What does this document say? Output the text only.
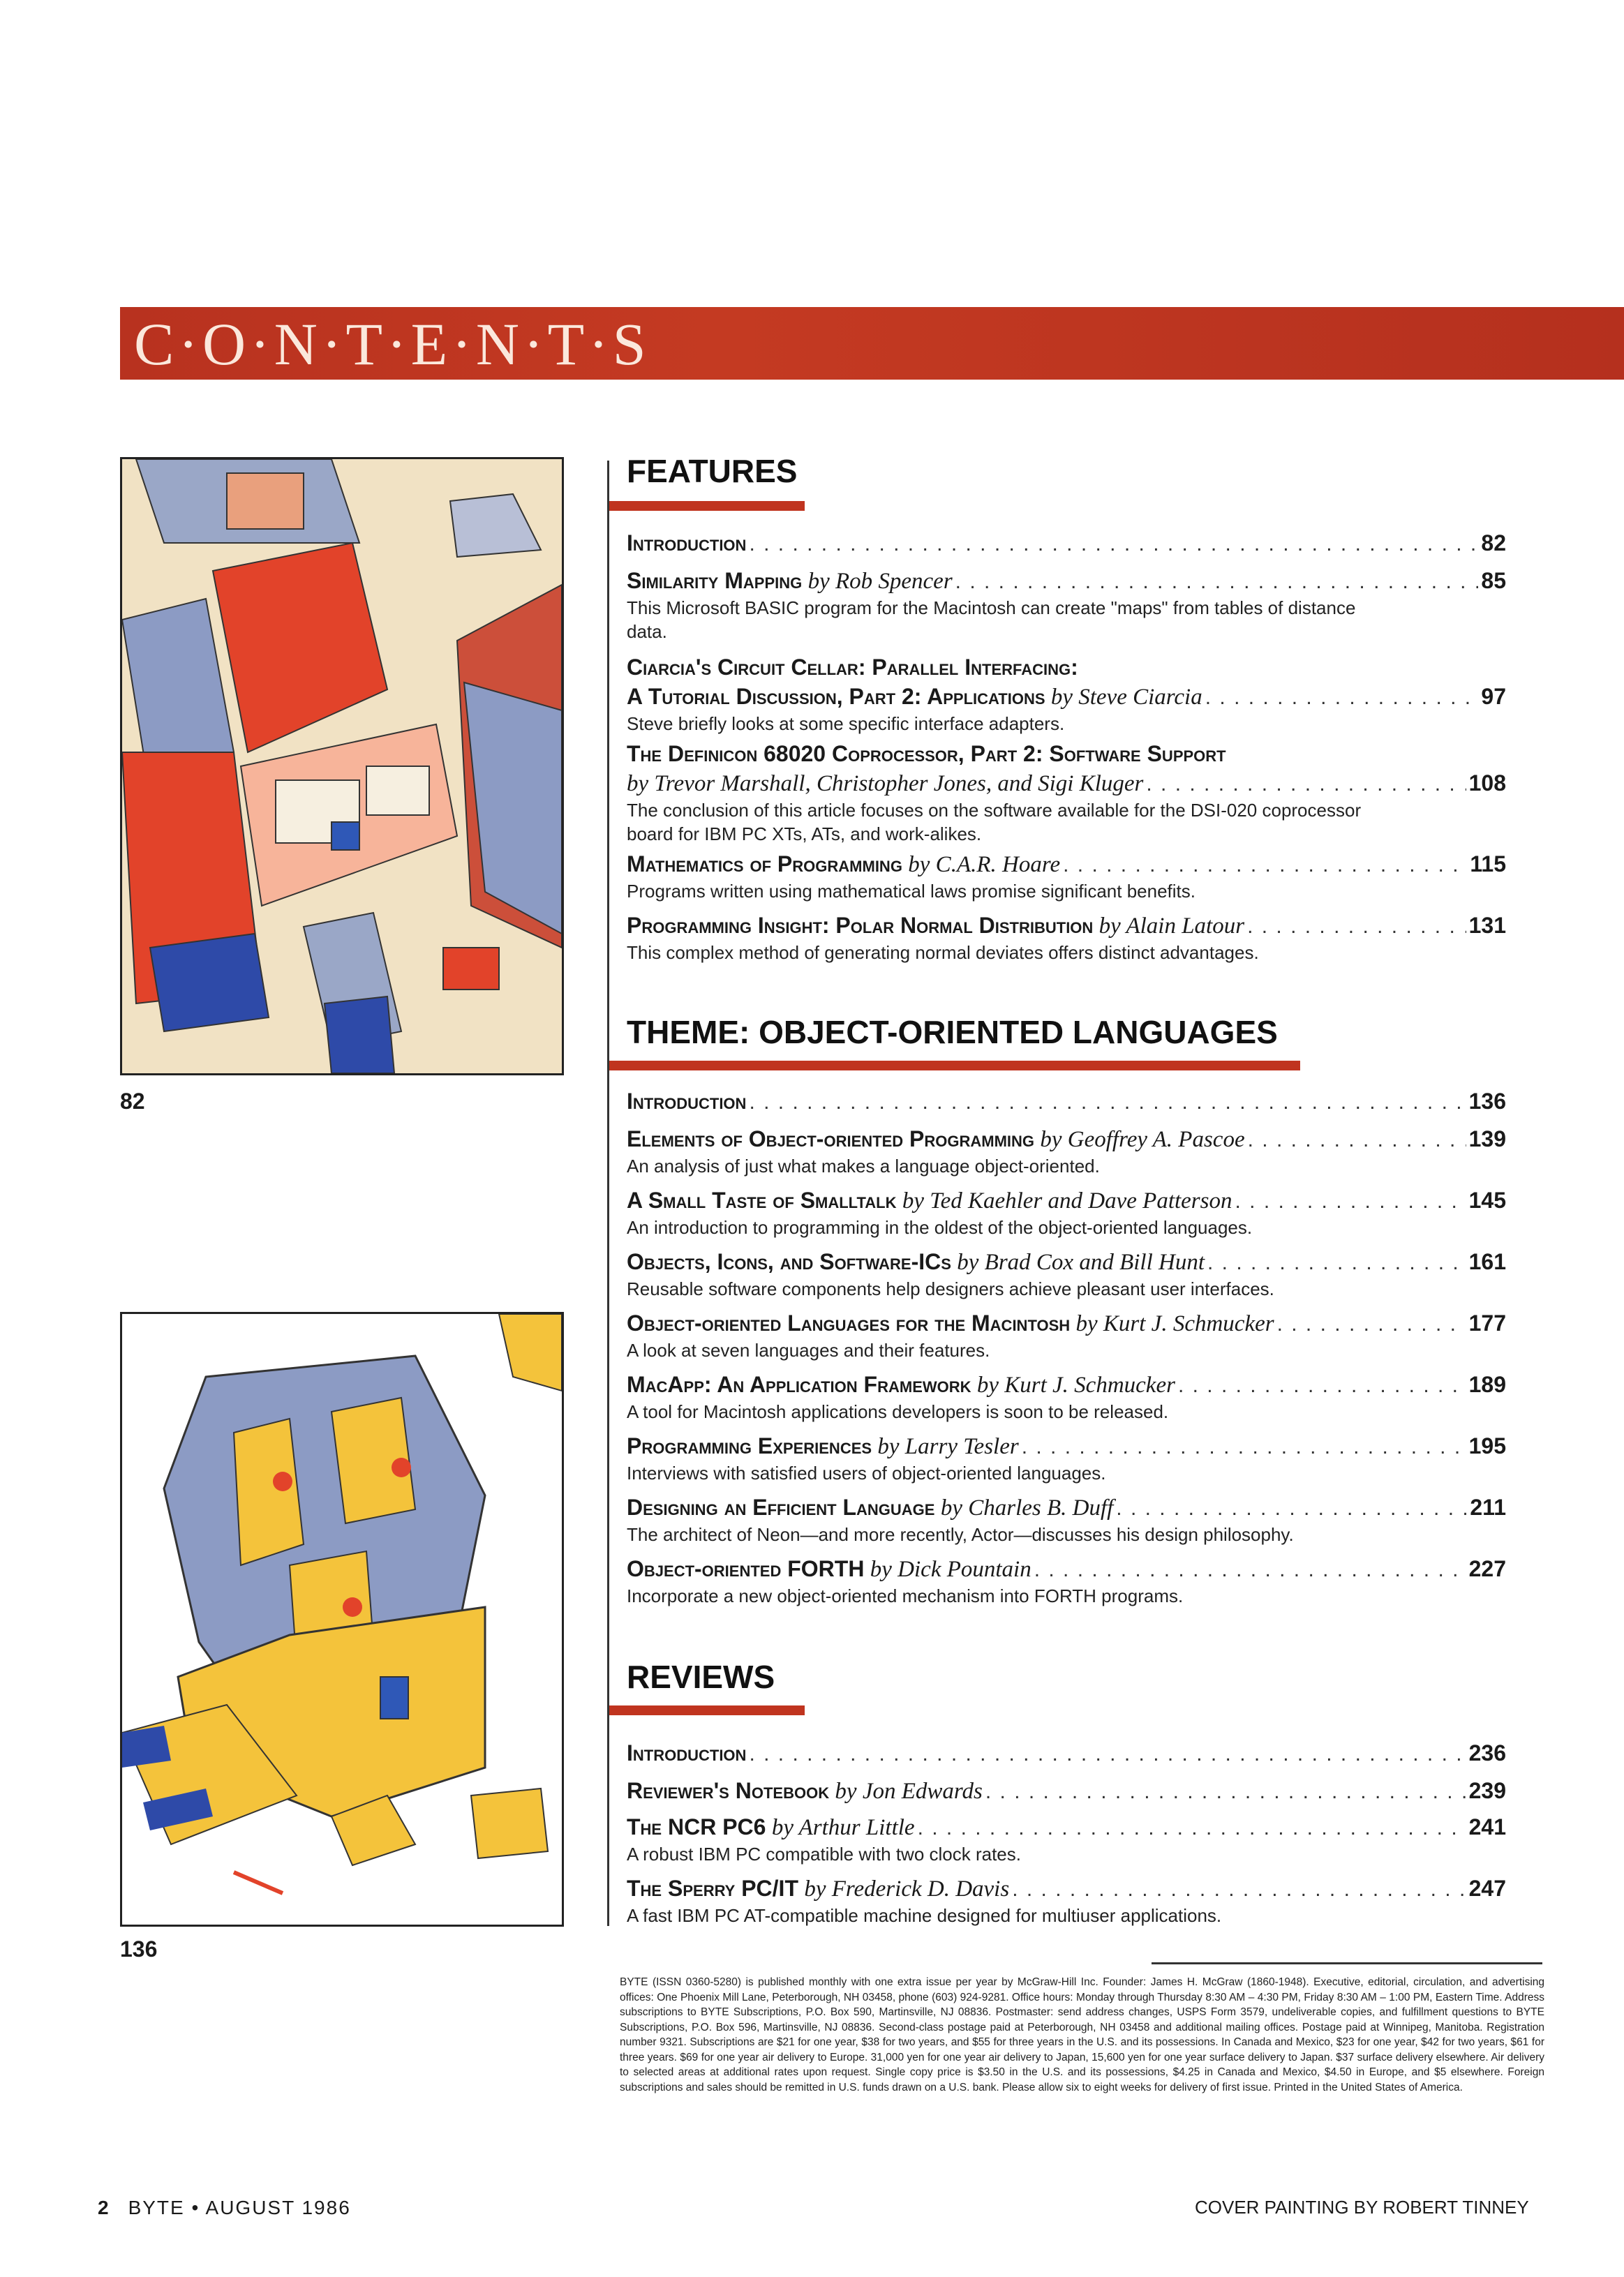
C·O·N·T·E·N·T·S
82
136
FEATURES
Introduction . . .	82
Similarity Mapping by Rob Spencer . . .	85
This Microsoft BASIC program for the Macintosh can create "maps" from tables of distance data.
Ciarcia's Circuit Cellar: Parallel Interfacing:
A Tutorial Discussion, Part 2: Applications by Steve Ciarcia . . .	97
Steve briefly looks at some specific interface adapters.
The Definicon 68020 Coprocessor, Part 2: Software Support
by Trevor Marshall, Christopher Jones, and Sigi Kluger . . .	108
The conclusion of this article focuses on the software available for the DSI-020 coprocessor board for IBM PC XTs, ATs, and work-alikes.
Mathematics of Programming by C.A.R. Hoare . . .	115
Programs written using mathematical laws promise significant benefits.
Programming Insight: Polar Normal Distribution by Alain Latour . . .	131
This complex method of generating normal deviates offers distinct advantages.
THEME: OBJECT-ORIENTED LANGUAGES
Introduction . . .	136
Elements of Object-oriented Programming by Geoffrey A. Pascoe . . .	139
An analysis of just what makes a language object-oriented.
A Small Taste of Smalltalk by Ted Kaehler and Dave Patterson . . .	145
An introduction to programming in the oldest of the object-oriented languages.
Objects, Icons, and Software-ICs by Brad Cox and Bill Hunt . . .	161
Reusable software components help designers achieve pleasant user interfaces.
Object-oriented Languages for the Macintosh by Kurt J. Schmucker . . .	177
A look at seven languages and their features.
MacApp: An Application Framework by Kurt J. Schmucker . . .	189
A tool for Macintosh applications developers is soon to be released.
Programming Experiences by Larry Tesler . . .	195
Interviews with satisfied users of object-oriented languages.
Designing an Efficient Language by Charles B. Duff . . .	211
The architect of Neon—and more recently, Actor—discusses his design philosophy.
Object-oriented FORTH by Dick Pountain . . .	227
Incorporate a new object-oriented mechanism into FORTH programs.
REVIEWS
Introduction . . .	236
Reviewer's Notebook by Jon Edwards . . .	239
The NCR PC6 by Arthur Little . . .	241
A robust IBM PC compatible with two clock rates.
The Sperry PC/IT by Frederick D. Davis . . .	247
A fast IBM PC AT-compatible machine designed for multiuser applications.
BYTE (ISSN 0360-5280) is published monthly with one extra issue per year by McGraw-Hill Inc. Founder: James H. McGraw (1860-1948). Executive, editorial, circulation, and advertising offices: One Phoenix Mill Lane, Peterborough, NH 03458, phone (603) 924-9281. Office hours: Monday through Thursday 8:30 AM – 4:30 PM, Friday 8:30 AM – 1:00 PM, Eastern Time. Address subscriptions to BYTE Subscriptions, P.O. Box 590, Martinsville, NJ 08836. Postmaster: send address changes, USPS Form 3579, undeliverable copies, and fulfillment questions to BYTE Subscriptions, P.O. Box 596, Martinsville, NJ 08836. Second-class postage paid at Peterborough, NH 03458 and additional mailing offices. Postage paid at Winnipeg, Manitoba. Registration number 9321. Subscriptions are $21 for one year, $38 for two years, and $55 for three years in the U.S. and its possessions. In Canada and Mexico, $23 for one year, $42 for two years, $61 for three years. $69 for one year air delivery to Europe. 31,000 yen for one year air delivery to Japan, 15,600 yen for one year surface delivery to Japan. $37 surface delivery elsewhere. Air delivery to selected areas at additional rates upon request. Single copy price is $3.50 in the U.S. and its possessions, $4.25 in Canada and Mexico, $4.50 in Europe, and $5 elsewhere. Foreign subscriptions and sales should be remitted in U.S. funds drawn on a U.S. bank. Please allow six to eight weeks for delivery of first issue. Printed in the United States of America.
2 BYTE • AUGUST 1986	COVER PAINTING BY ROBERT TINNEY
